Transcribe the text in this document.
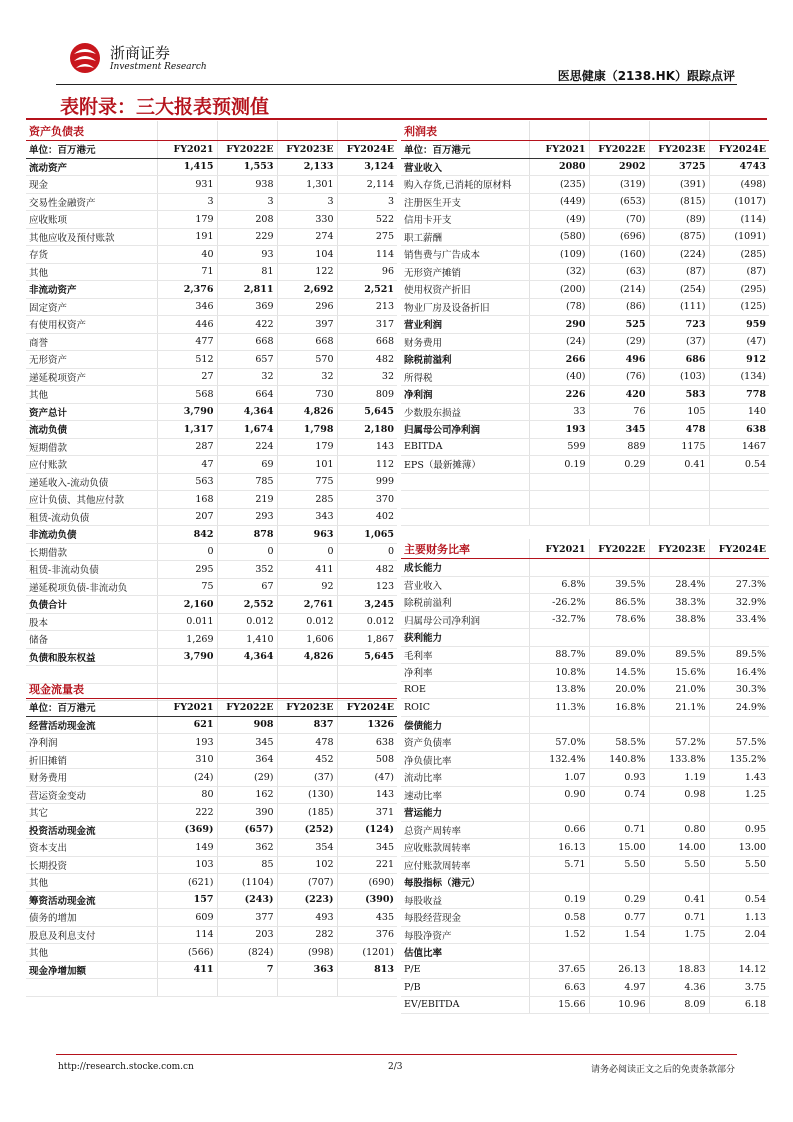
浙商证券
Investment Research
医思健康（2138.HK）跟踪点评
表附录：三大报表预测值
资产负债表				
单位：百万港元	FY2021	FY2022E	FY2023E	FY2024E
流动资产	1,415	1,553	2,133	3,124
现金	931	938	1,301	2,114
交易性金融资产	3	3	3	3
应收账项	179	208	330	522
其他应收及预付账款	191	229	274	275
存货	40	93	104	114
其他	71	81	122	96
非流动资产	2,376	2,811	2,692	2,521
固定资产	346	369	296	213
有使用权资产	446	422	397	317
商誉	477	668	668	668
无形资产	512	657	570	482
递延税项资产	27	32	32	32
其他	568	664	730	809
资产总计	3,790	4,364	4,826	5,645
流动负债	1,317	1,674	1,798	2,180
短期借款	287	224	179	143
应付账款	47	69	101	112
递延收入-流动负债	563	785	775	999
应计负债、其他应付款	168	219	285	370
租赁-流动负债	207	293	343	402
非流动负债	842	878	963	1,065
长期借款	0	0	0	0
租赁-非流动负债	295	352	411	482
递延税项负债-非流动负	75	67	92	123
负债合计	2,160	2,552	2,761	3,245
股本	0.011	0.012	0.012	0.012
储备	1,269	1,410	1,606	1,867
负债和股东权益	3,790	4,364	4,826	5,645

现金流量表				
单位：百万港元	FY2021	FY2022E	FY2023E	FY2024E
经营活动现金流	621	908	837	1326
净利润	193	345	478	638
折旧摊销	310	364	452	508
财务费用	(24)	(29)	(37)	(47)
营运资金变动	80	162	(130)	143
其它	222	390	(185)	371
投资活动现金流	(369)	(657)	(252)	(124)
资本支出	149	362	354	345
长期投资	103	85	102	221
其他	(621)	(1104)	(707)	(690)
筹资活动现金流	157	(243)	(223)	(390)
债务的增加	609	377	493	435
股息及利息支付	114	203	282	376
其他	(566)	(824)	(998)	(1201)
现金净增加额	411	7	363	813

利润表				
单位：百万港元	FY2021	FY2022E	FY2023E	FY2024E
营业收入	2080	2902	3725	4743
购入存货,已消耗的原材料	(235)	(319)	(391)	(498)
注册医生开支	(449)	(653)	(815)	(1017)
信用卡开支	(49)	(70)	(89)	(114)
职工薪酬	(580)	(696)	(875)	(1091)
销售费与广告成本	(109)	(160)	(224)	(285)
无形资产摊销	(32)	(63)	(87)	(87)
使用权资产折旧	(200)	(214)	(254)	(295)
物业厂房及设备折旧	(78)	(86)	(111)	(125)
营业利润	290	525	723	959
财务费用	(24)	(29)	(37)	(47)
除税前溢利	266	496	686	912
所得税	(40)	(76)	(103)	(134)
净利润	226	420	583	778
少数股东损益	33	76	105	140
归属母公司净利润	193	345	478	638
EBITDA	599	889	1175	1467
EPS（最新摊薄）	0.19	0.29	0.41	0.54

主要财务比率	FY2021	FY2022E	FY2023E	FY2024E
成长能力				
营业收入	6.8%	39.5%	28.4%	27.3%
除税前溢利	-26.2%	86.5%	38.3%	32.9%
归属母公司净利润	-32.7%	78.6%	38.8%	33.4%
获利能力				
毛利率	88.7%	89.0%	89.5%	89.5%
净利率	10.8%	14.5%	15.6%	16.4%
ROE	13.8%	20.0%	21.0%	30.3%
ROIC	11.3%	16.8%	21.1%	24.9%
偿债能力				
资产负债率	57.0%	58.5%	57.2%	57.5%
净负债比率	132.4%	140.8%	133.8%	135.2%
流动比率	1.07	0.93	1.19	1.43
速动比率	0.90	0.74	0.98	1.25
营运能力				
总资产周转率	0.66	0.71	0.80	0.95
应收账款周转率	16.13	15.00	14.00	13.00
应付账款周转率	5.71	5.50	5.50	5.50
每股指标（港元）				
每股收益	0.19	0.29	0.41	0.54
每股经营现金	0.58	0.77	0.71	1.13
每股净资产	1.52	1.54	1.75	2.04
估值比率				
P/E	37.65	26.13	18.83	14.12
P/B	6.63	4.97	4.36	3.75
EV/EBITDA	15.66	10.96	8.09	6.18
http://research.stocke.com.cn	2/3	请务必阅读正文之后的免责条款部分
